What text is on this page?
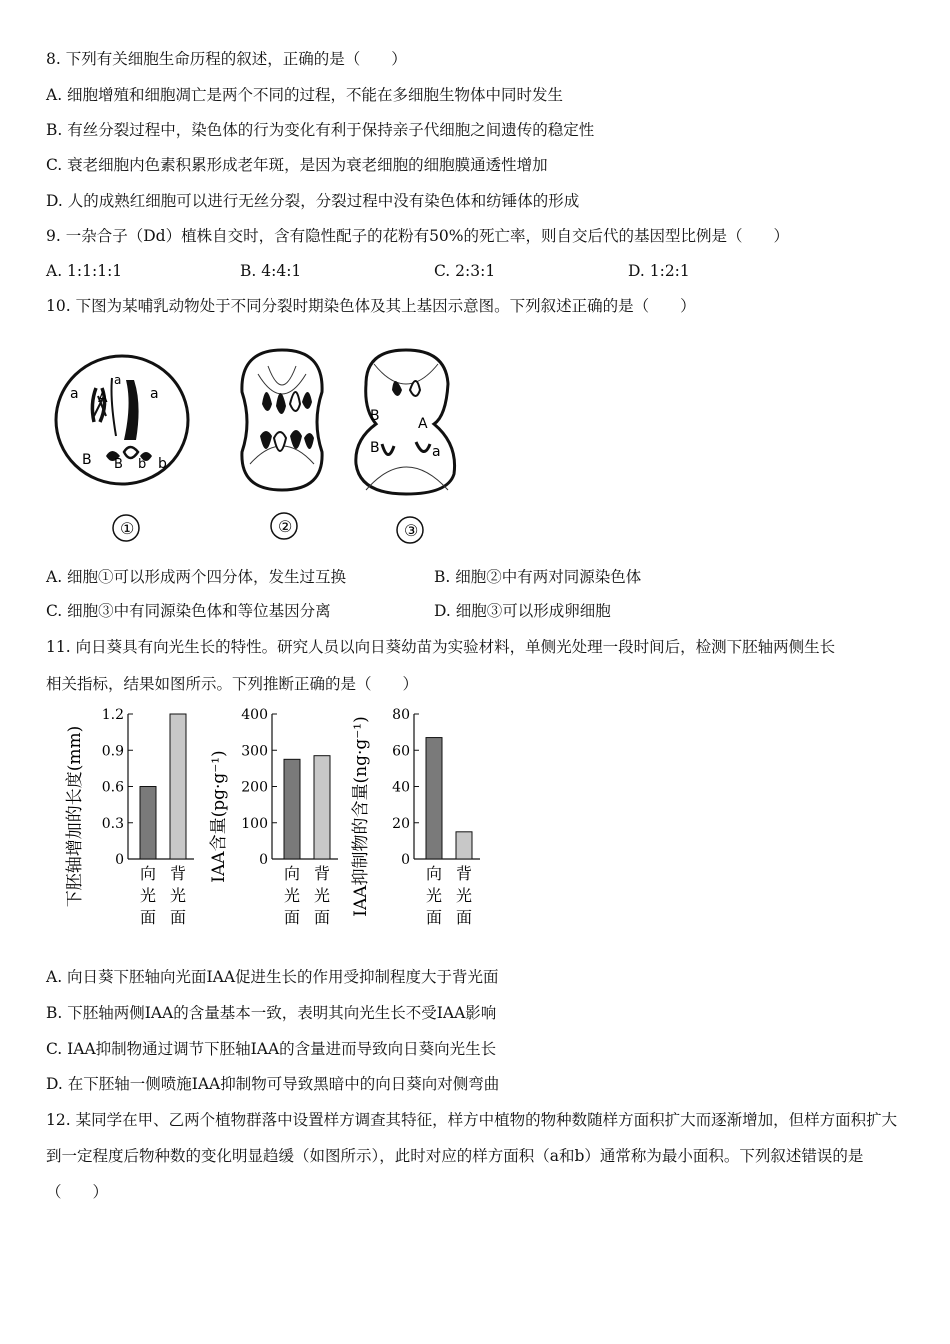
8. 下列有关细胞生命历程的叙述，正确的是（　　）
A. 细胞增殖和细胞凋亡是两个不同的过程，不能在多细胞生物体中同时发生
B. 有丝分裂过程中，染色体的行为变化有利于保持亲子代细胞之间遗传的稳定性
C. 衰老细胞内色素积累形成老年斑，是因为衰老细胞的细胞膜通透性增加
D. 人的成熟红细胞可以进行无丝分裂，分裂过程中没有染色体和纺锤体的形成
9. 一杂合子（Dd）植株自交时，含有隐性配子的花粉有50%的死亡率，则自交后代的基因型比例是（　　）
A. 1:1:1:1	B. 4:4:1	C. 2:3:1	D. 1:2:1
10. 下图为某哺乳动物处于不同分裂时期染色体及其上基因示意图。下列叙述正确的是（　　）
a A
a
a
B B b b
①	②
B	A
B	a
③
A. 细胞①可以形成两个四分体，发生过互换	B. 细胞②中有两对同源染色体
C. 细胞③中有同源染色体和等位基因分离	D. 细胞③可以形成卵细胞
11. 向日葵具有向光生长的特性。研究人员以向日葵幼苗为实验材料，单侧光处理一段时间后，检测下胚轴两侧生长
相关指标，结果如图所示。下列推断正确的是（　　）
下胚轴增加的长度(mm) 0
0.3
0.6
0.9
1.2
向光面
背光面
IAA含量(pg·g⁻¹) 0
100
200
300
400
向光面
背光面
IAA抑制物的含量(ng·g⁻¹) 0
20
40
60
80
向光面
背光面
A. 向日葵下胚轴向光面IAA促进生长的作用受抑制程度大于背光面
B. 下胚轴两侧IAA的含量基本一致，表明其向光生长不受IAA影响
C. IAA抑制物通过调节下胚轴IAA的含量进而导致向日葵向光生长
D. 在下胚轴一侧喷施IAA抑制物可导致黑暗中的向日葵向对侧弯曲
12. 某同学在甲、乙两个植物群落中设置样方调查其特征，样方中植物的物种数随样方面积扩大而逐渐增加，但样方面积扩大到一定程度后物种数的变化明显趋缓（如图所示），此时对应的样方面积（a和b）通常称为最小面积。下列叙述错误的是（　　）
